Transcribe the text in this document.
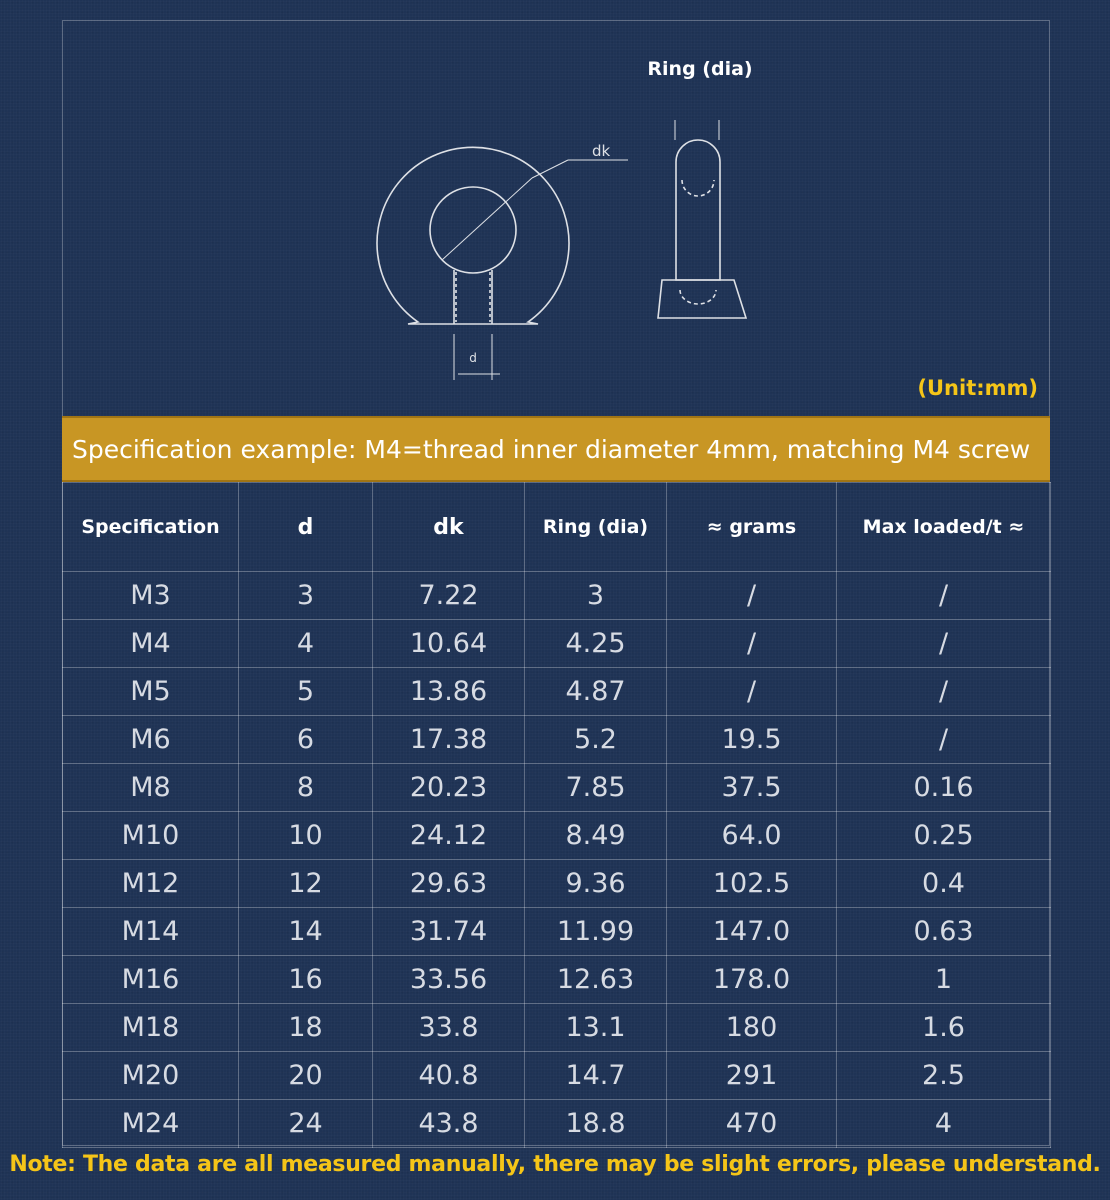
Ring (dia)
dk
d
(Unit:mm)
Specification example: M4=thread inner diameter 4mm, matching M4 screw
Specification	d	dk	Ring (dia)	≈ grams	Max loaded/t ≈
M3	3	7.22	3	/	/
M4	4	10.64	4.25	/	/
M5	5	13.86	4.87	/	/
M6	6	17.38	5.2	19.5	/
M8	8	20.23	7.85	37.5	0.16
M10	10	24.12	8.49	64.0	0.25
M12	12	29.63	9.36	102.5	0.4
M14	14	31.74	11.99	147.0	0.63
M16	16	33.56	12.63	178.0	1
M18	18	33.8	13.1	180	1.6
M20	20	40.8	14.7	291	2.5
M24	24	43.8	18.8	470	4
Note: The data are all measured manually, there may be slight errors, please understand.
